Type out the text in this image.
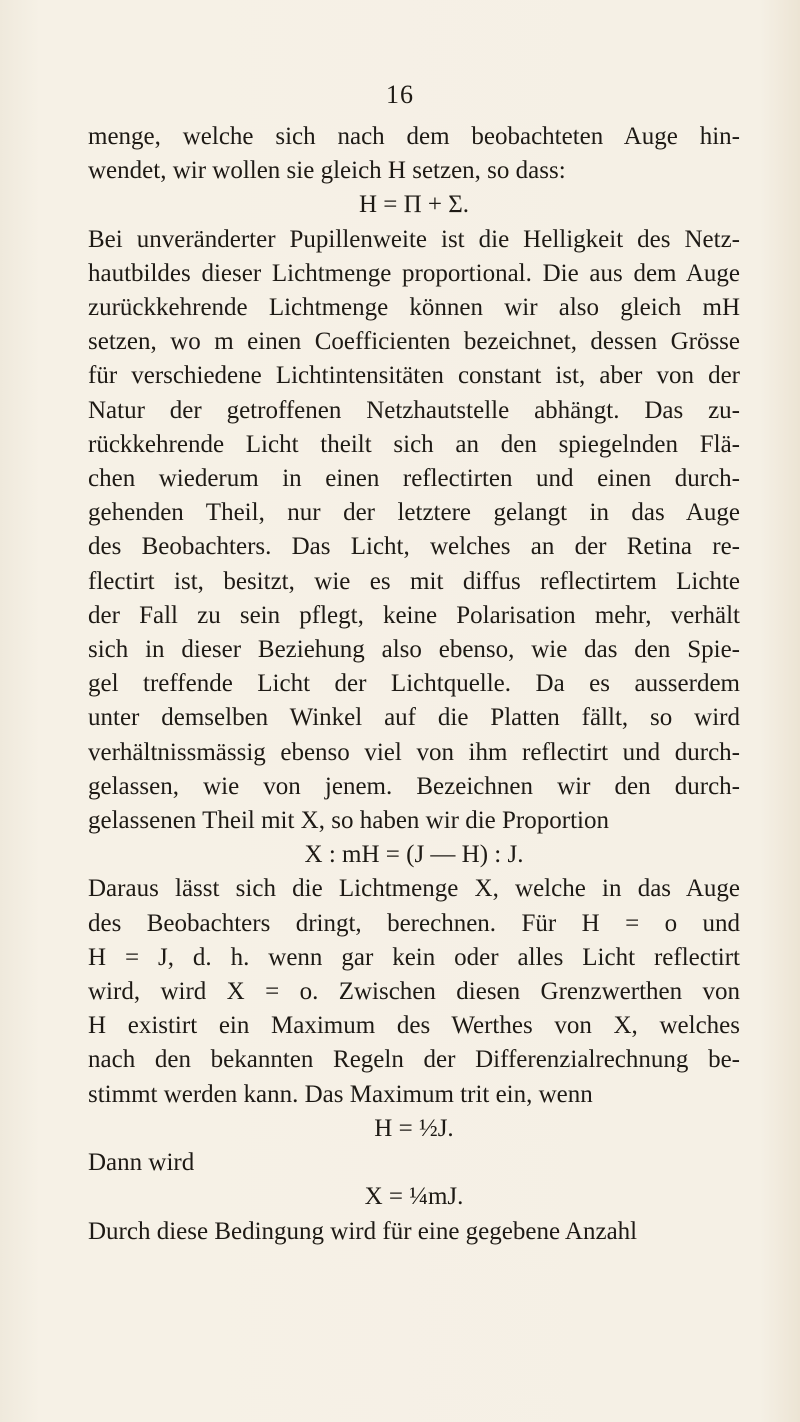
16
menge, welche sich nach dem beobachteten Auge hin-
wendet, wir wollen sie gleich H setzen, so dass:
H = Π + Σ.
Bei unveränderter Pupillenweite ist die Helligkeit des Netz-
hautbildes dieser Lichtmenge proportional. Die aus dem Auge
zurückkehrende Lichtmenge können wir also gleich mH
setzen, wo m einen Coefficienten bezeichnet, dessen Grösse
für verschiedene Lichtintensitäten constant ist, aber von der
Natur der getroffenen Netzhautstelle abhängt. Das zu-
rückkehrende Licht theilt sich an den spiegelnden Flä-
chen wiederum in einen reflectirten und einen durch-
gehenden Theil, nur der letztere gelangt in das Auge
des Beobachters. Das Licht, welches an der Retina re-
flectirt ist, besitzt, wie es mit diffus reflectirtem Lichte
der Fall zu sein pflegt, keine Polarisation mehr, verhält
sich in dieser Beziehung also ebenso, wie das den Spie-
gel treffende Licht der Lichtquelle. Da es ausserdem
unter demselben Winkel auf die Platten fällt, so wird
verhältnissmässig ebenso viel von ihm reflectirt und durch-
gelassen, wie von jenem. Bezeichnen wir den durch-
gelassenen Theil mit X, so haben wir die Proportion
X : mH = (J — H) : J.
Daraus lässt sich die Lichtmenge X, welche in das Auge
des Beobachters dringt, berechnen. Für H = o und
H = J, d. h. wenn gar kein oder alles Licht reflectirt
wird, wird X = o. Zwischen diesen Grenzwerthen von
H existirt ein Maximum des Werthes von X, welches
nach den bekannten Regeln der Differenzialrechnung be-
stimmt werden kann. Das Maximum trit ein, wenn
H = ½J.
Dann wird
X = ¼mJ.
Durch diese Bedingung wird für eine gegebene Anzahl
